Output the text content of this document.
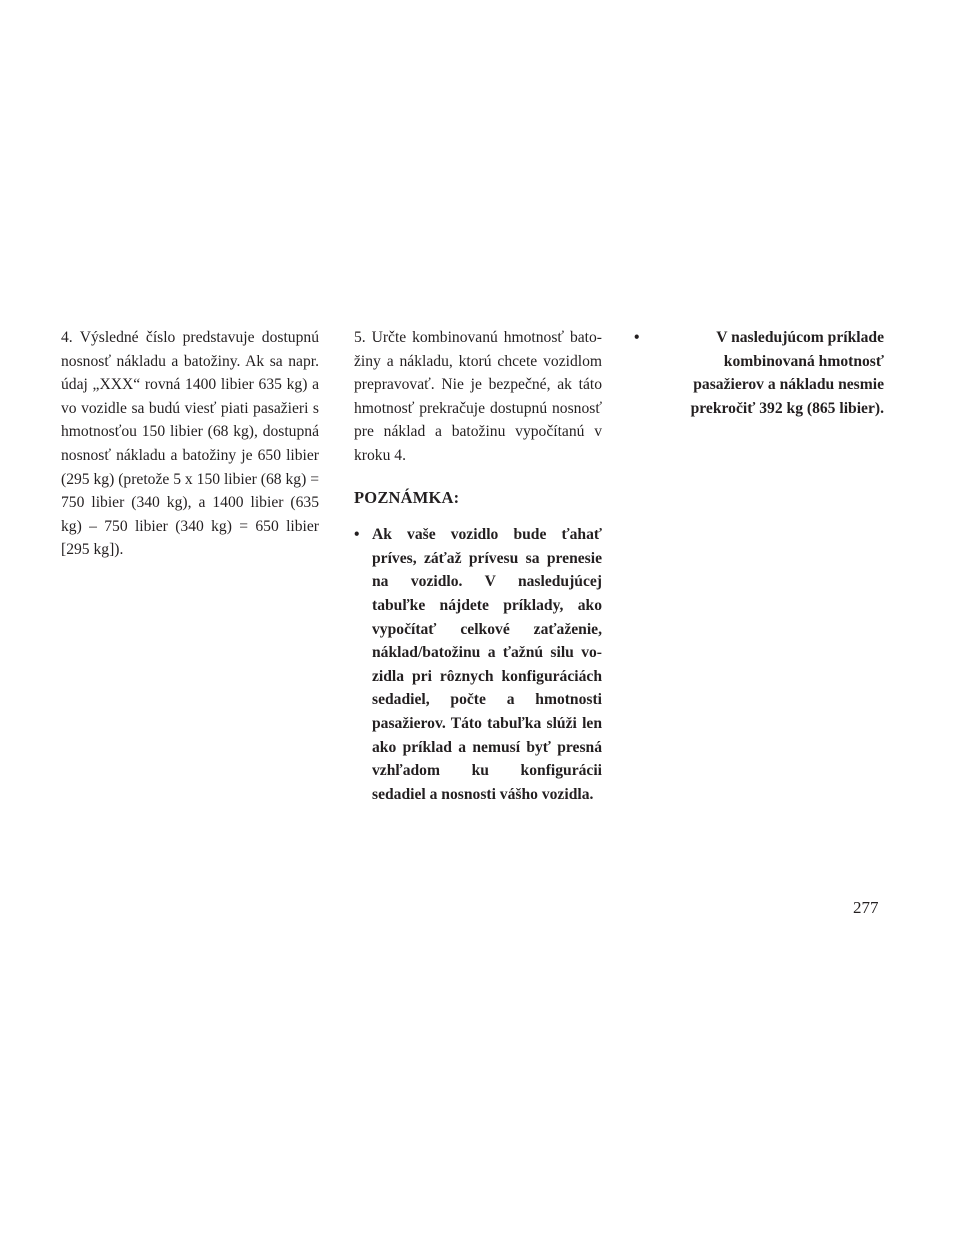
4. Výsledné číslo predstavuje dostupnú nosnosť nákladu a batožiny. Ak sa napr. údaj „XXX“ rovná 1400 libier 635 kg) a vo vozidle sa budú viesť piati pasažieri s hmotnosťou 150 libier (68 kg), dostupná nosnosť nákladu a batožiny je 650 libier (295 kg) (pretože 5 x 150 libier (68 kg) = 750 libier (340 kg), a 1400 libier (635 kg) – 750 libier (340 kg) = 650 libier [295 kg]).

5. Určte kombinovanú hmotnosť batožiny a nákladu, ktorú chcete vozidlom prepravovať. Nie je bezpečné, ak táto hmotnosť prekračuje dostupnú nosnosť pre náklad a batožinu vypočítanú v kroku 4.

POZNÁMKA:
• Ak vaše vozidlo bude ťahať príves, záťaž prívesu sa prenesie na vozidlo. V nasledujúcej tabuľke nájdete príklady, ako vypočítať celkové zaťaženie, náklad/batožinu a ťažnú silu vozidla pri rôznych konfiguráciách sedadiel, počte a hmotnosti pasažierov. Táto tabuľka slúži len ako príklad a nemusí byť presná vzhľadom ku konfigurácii sedadiel a nosnosti vášho vozidla.
•	V nasledujúcom príklade kombinovaná hmotnosť pasažierov a nákladu nesmie prekročiť 392 kg (865 libier).
277
